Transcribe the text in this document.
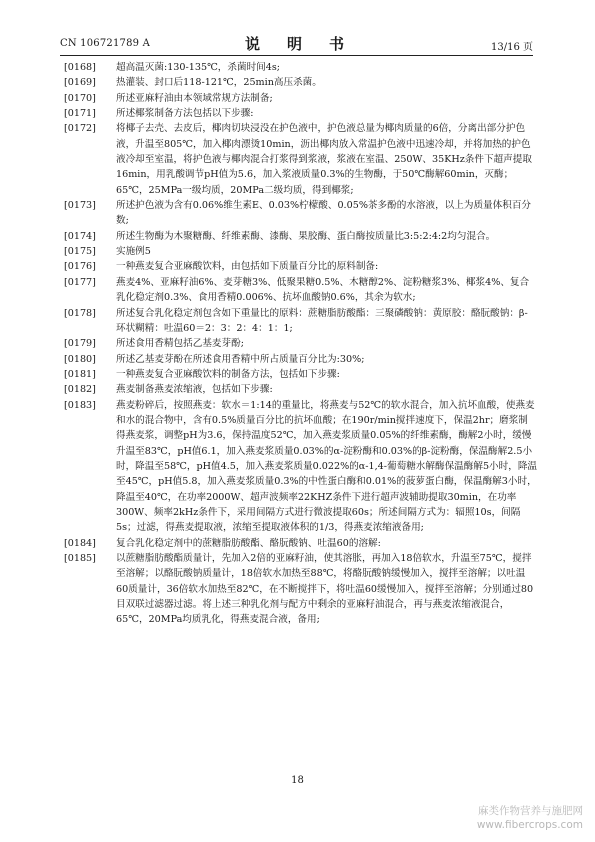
CN 106721789 A	说　明　书	13/16 页
[0168]	超高温灭菌:130-135℃，杀菌时间4s;
[0169]	热灌装、封口后118-121℃，25min高压杀菌。
[0170]	所述亚麻籽油由本领域常规方法制备;
[0171]	所述椰浆制备方法包括以下步骤:
[0172]	将椰子去壳、去皮后，椰肉切块浸没在护色液中，护色液总量为椰肉质量的6倍，分离出部分护色液，升温至805℃，加入椰肉漂烫10min，沥出椰肉放入常温护色液中迅速冷却，并将加热的护色液冷却至室温，将护色液与椰肉混合打浆得到浆液，浆液在室温、250W、35KHz条件下超声提取16min，用乳酸调节pH值为5.6，加入浆液质量0.3%的生物酶，于50℃酶解60min，灭酶；65℃，25MPa一级均质，20MPa二级均质，得到椰浆;
[0173]	所述护色液为含有0.06%维生素E、0.03%柠檬酸、0.05%茶多酚的水溶液，以上为质量体积百分数;
[0174]	所述生物酶为木聚糖酶、纤维素酶、漆酶、果胶酶、蛋白酶按质量比3:5:2:4:2均匀混合。
[0175]	实施例5
[0176]	一种燕麦复合亚麻酸饮料，由包括如下质量百分比的原料制备:
[0177]	燕麦4%、亚麻籽油6%、麦芽糖3%、低聚果糖0.5%、木糖醇2%、淀粉糖浆3%、椰浆4%、复合乳化稳定剂0.3%、食用香精0.006%、抗坏血酸钠0.6%，其余为软水;
[0178]	所述复合乳化稳定剂包含如下重量比的原料：蔗糖脂肪酸酯：三聚磷酸钠：黄原胶：酪朊酸钠：β-环状糊精：吐温60＝2：3：2：4：1：1;
[0179]	所述食用香精包括乙基麦芽酚;
[0180]	所述乙基麦芽酚在所述食用香精中所占质量百分比为:30%;
[0181]	一种燕麦复合亚麻酸饮料的制备方法，包括如下步骤:
[0182]	燕麦制备燕麦浓缩液，包括如下步骤:
[0183]	燕麦粉碎后，按照燕麦：软水＝1:14的重量比，将燕麦与52℃的软水混合，加入抗坏血酸，使燕麦和水的混合物中，含有0.5%质量百分比的抗坏血酸；在190r/min搅拌速度下，保温2hr；磨浆制得燕麦浆，调整pH为3.6，保持温度52℃，加入燕麦浆质量0.05%的纤维素酶，酶解2小时，缓慢升温至83℃，pH值6.1，加入燕麦浆质量0.03%的α-淀粉酶和0.03%的β-淀粉酶，保温酶解2.5小时，降温至58℃，pH值4.5，加入燕麦浆质量0.022%的α-1,4-葡萄糖水解酶保温酶解5小时，降温至45℃，pH值5.8，加入燕麦浆质量0.3%的中性蛋白酶和0.01%的菠萝蛋白酶，保温酶解3小时，降温至40℃，在功率2000W、超声波频率22KHZ条件下进行超声波辅助提取30min，在功率300W、频率2kHz条件下，采用间隔方式进行微波提取60s；所述间隔方式为：辐照10s，间隔5s；过滤，得燕麦提取液，浓缩至提取液体积的1/3，得燕麦浓缩液备用;
[0184]	复合乳化稳定剂中的蔗糖脂肪酸酯、酪朊酸钠、吐温60的溶解:
[0185]	以蔗糖脂肪酸酯质量计，先加入2倍的亚麻籽油，使其溶胀，再加入18倍软水，升温至75℃，搅拌至溶解；以酪朊酸钠质量计，18倍软水加热至88℃，将酪朊酸钠缓慢加入，搅拌至溶解；以吐温60质量计，36倍软水加热至82℃，在不断搅拌下，将吐温60缓慢加入，搅拌至溶解；分别通过80目双联过滤器过滤。将上述三种乳化剂与配方中剩余的亚麻籽油混合，再与燕麦浓缩液混合，65℃，20MPa均质乳化，得燕麦混合液，备用;
18
麻类作物营养与施肥网
www.fibercrops.com
